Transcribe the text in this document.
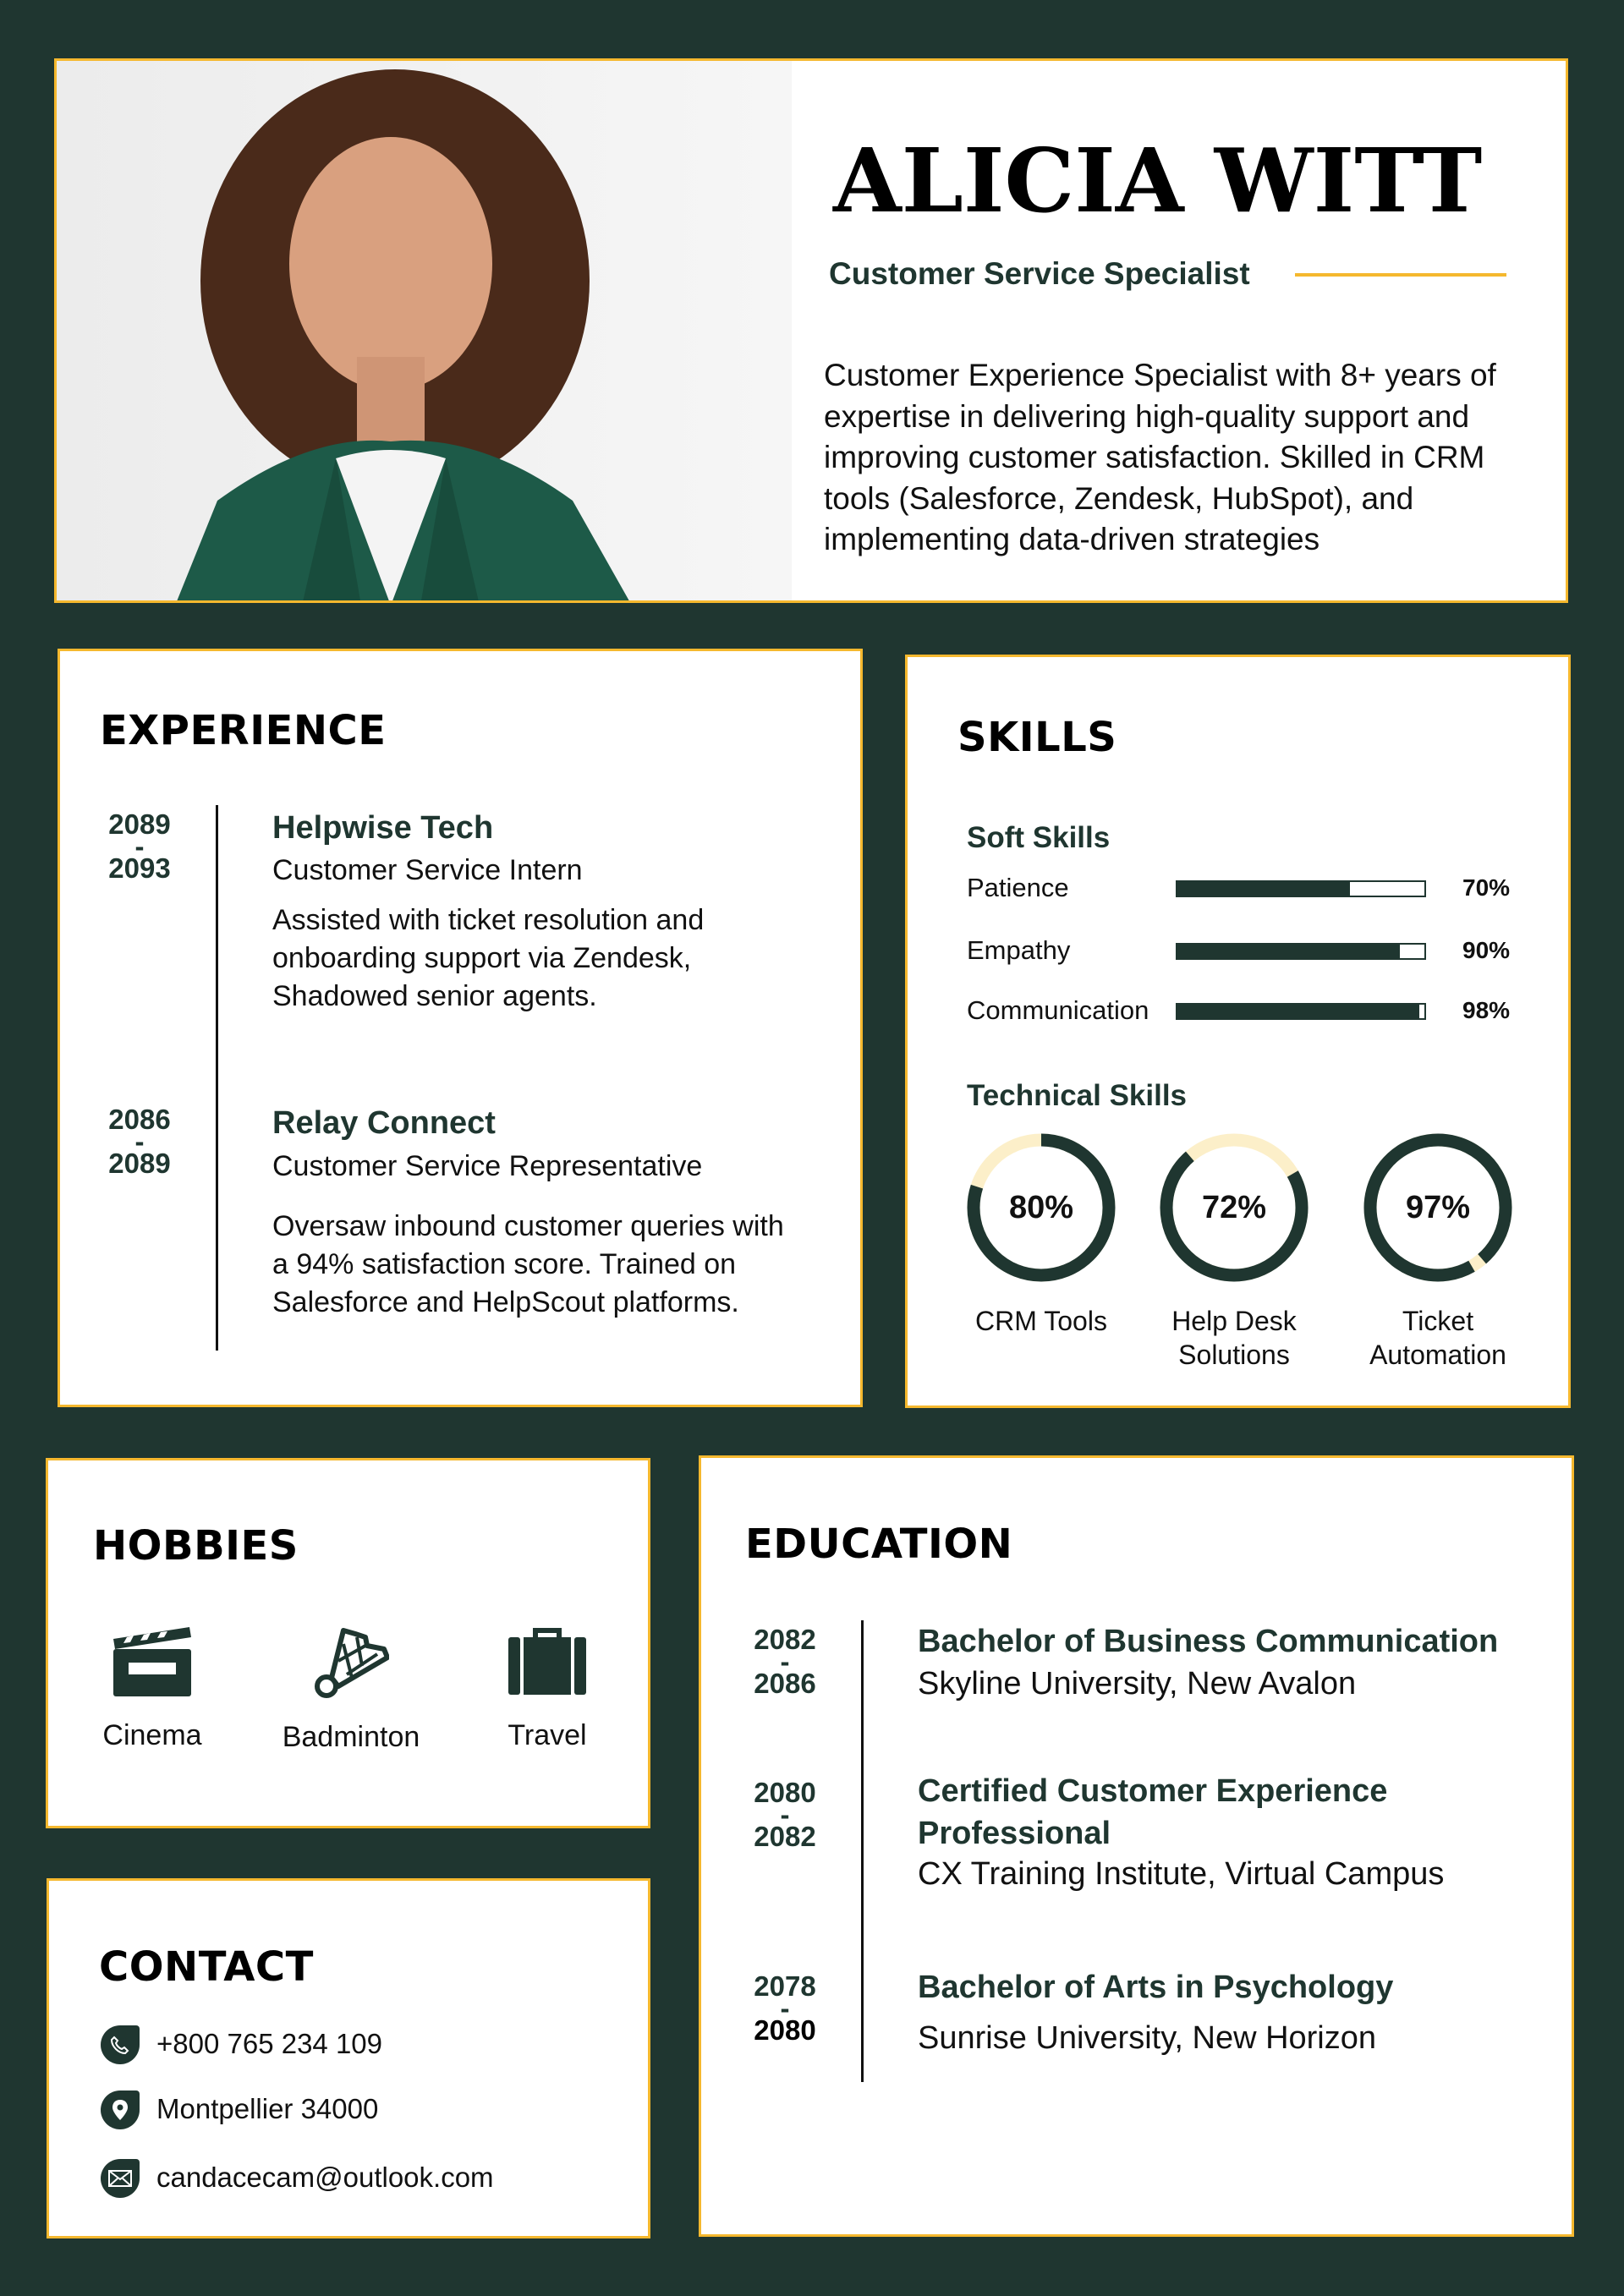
ALICIA WITT
Customer Service Specialist
Customer Experience Specialist with 8+ years of expertise in delivering high-quality support and improving customer satisfaction. Skilled in CRM tools (Salesforce, Zendesk, HubSpot), and implementing data-driven strategies
EXPERIENCE
2089
-
2093
Helpwise Tech
Customer Service Intern
Assisted with ticket resolution and onboarding support via Zendesk, Shadowed senior agents.
2086
-
2089
Relay Connect
Customer Service Representative
Oversaw inbound customer queries with a 94% satisfaction score. Trained on Salesforce and HelpScout platforms.
SKILLS
Soft Skills
Patience	70%
Empathy	90%
Communication	98%
Technical Skills
80%
CRM Tools
72%
Help Desk Solutions
97%
Ticket Automation
HOBBIES
Cinema	Badminton	Travel
CONTACT
+800 765 234 109
Montpellier 34000
candacecam@outlook.com
EDUCATION
2082
-
2086
Bachelor of Business Communication
Skyline University, New Avalon
2080
-
2082
Certified Customer Experience Professional
CX Training Institute, Virtual Campus
2078
-
2080
Bachelor of Arts in Psychology
Sunrise University, New Horizon
